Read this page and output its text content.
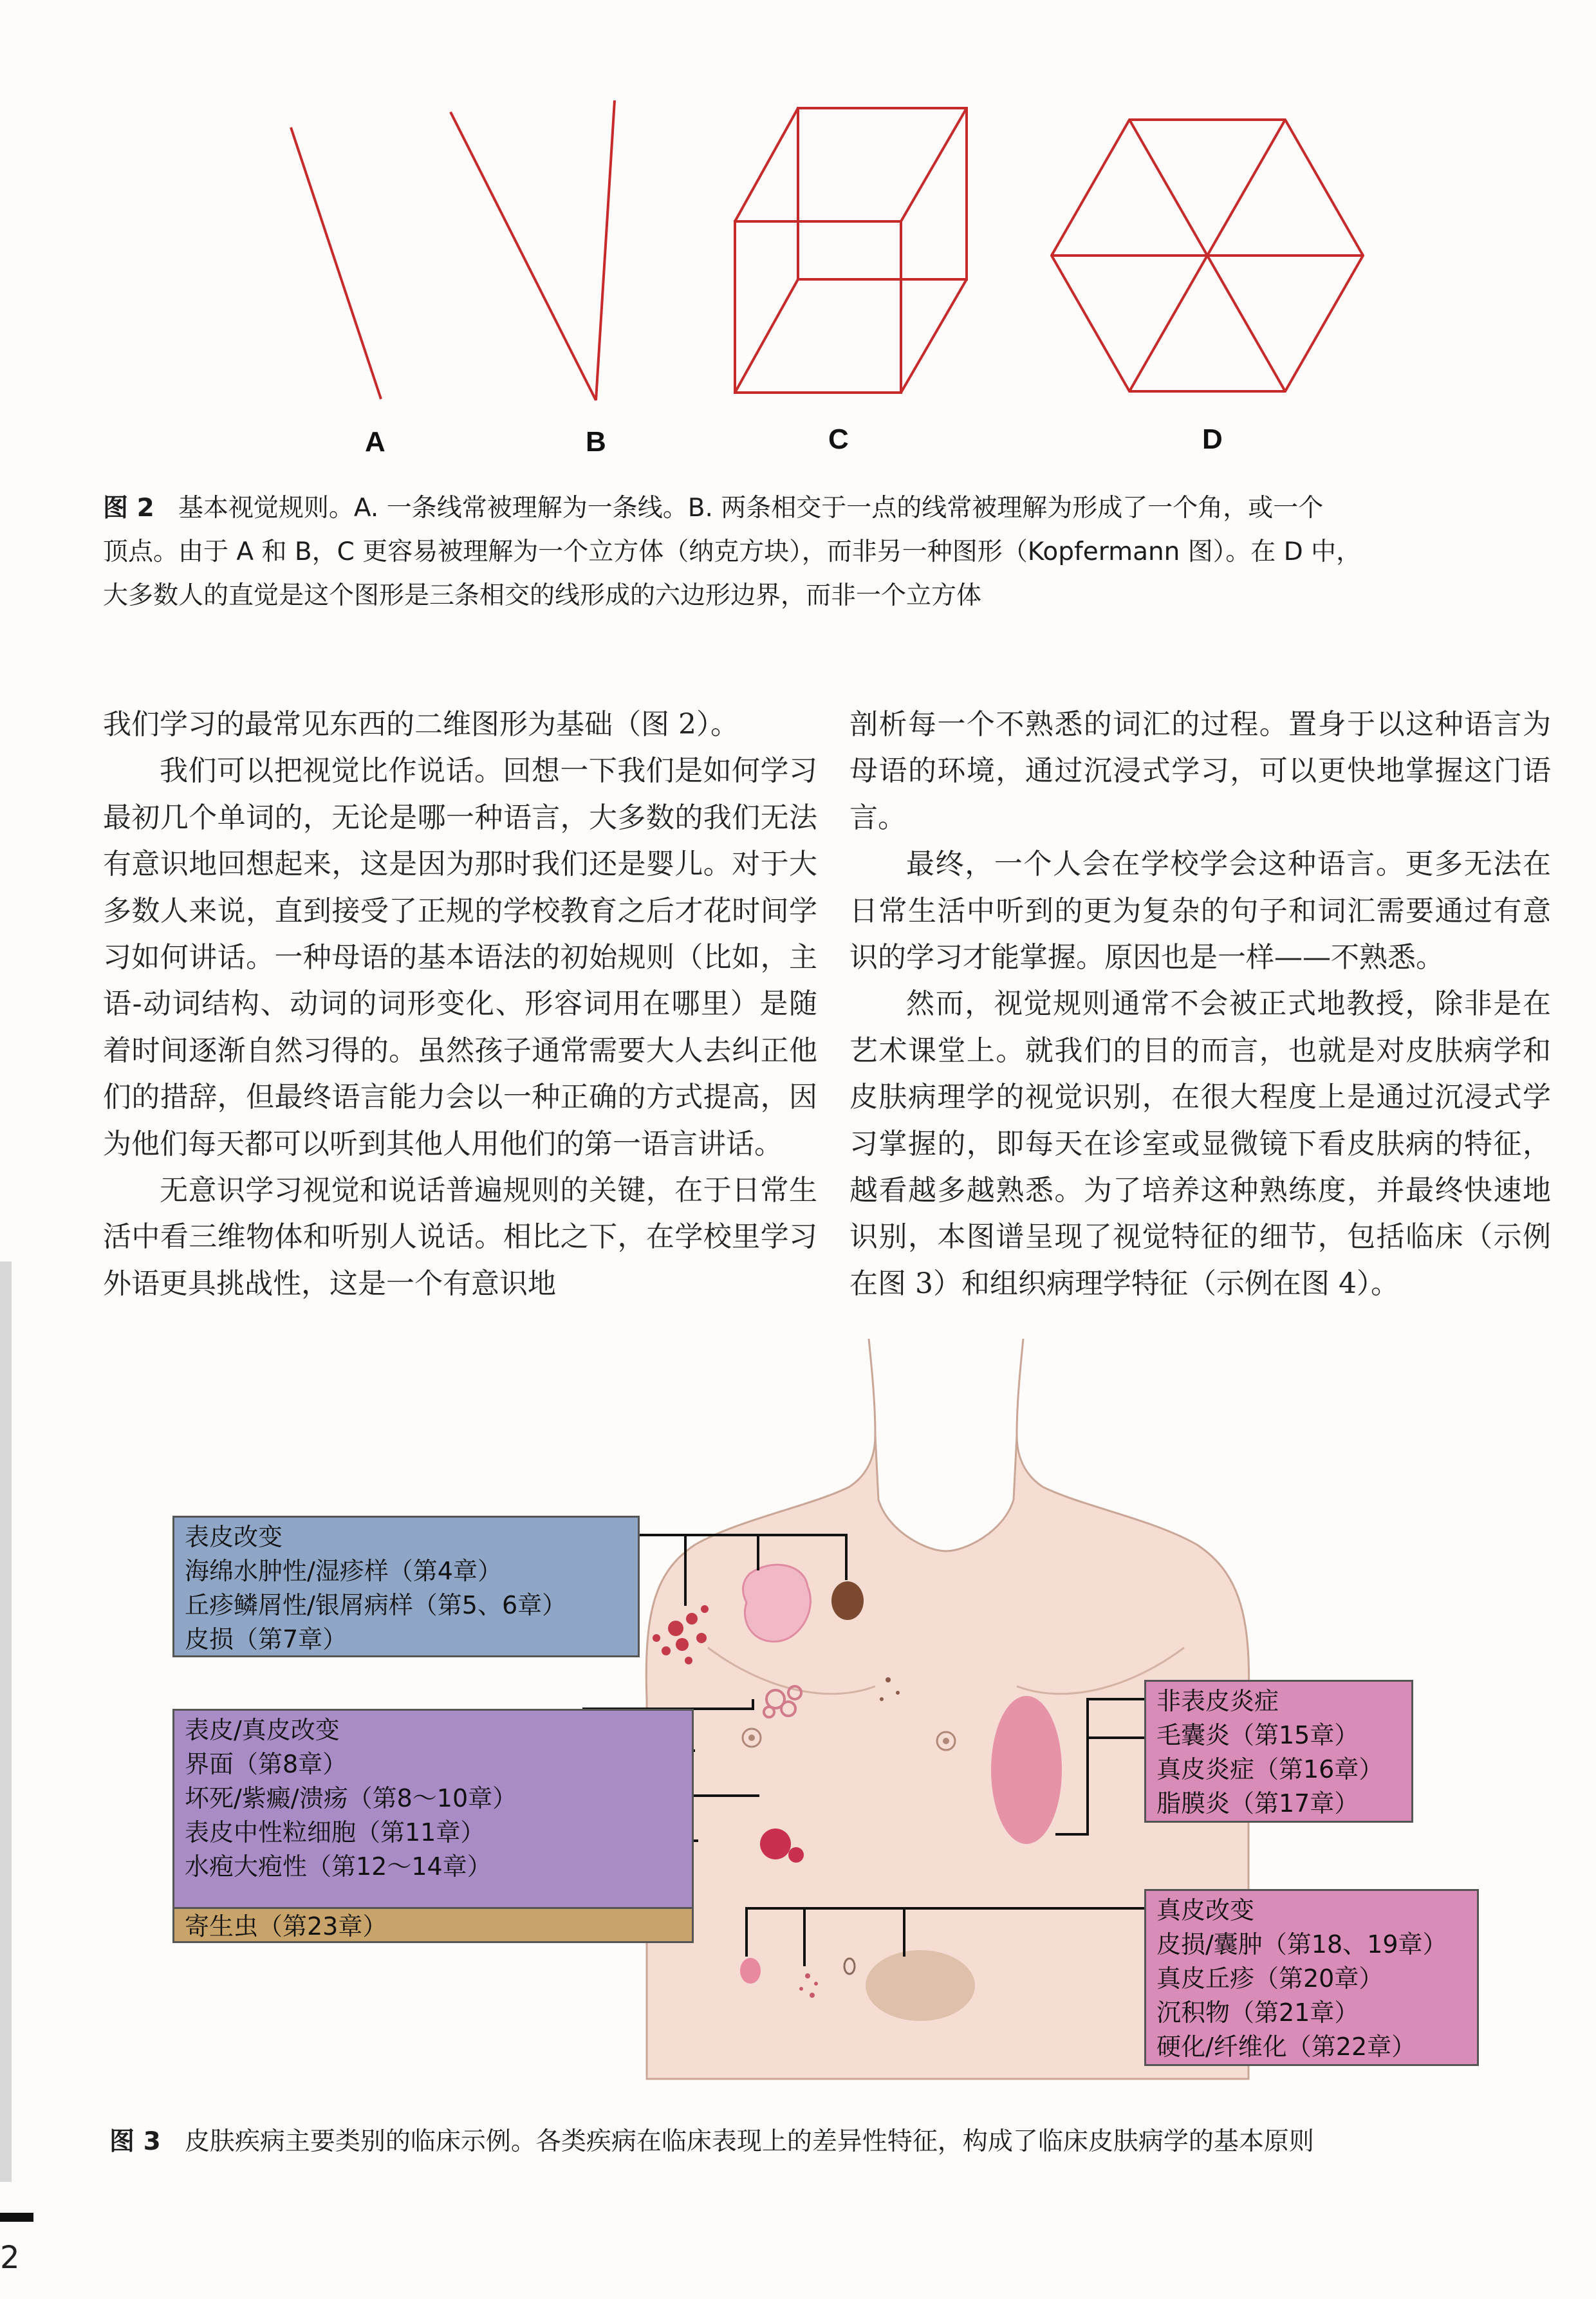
A	B	C	D
图 2 基本视觉规则。A. 一条线常被理解为一条线。B. 两条相交于一点的线常被理解为形成了一个角，或一个
顶点。由于 A 和 B，C 更容易被理解为一个立方体（纳克方块），而非另一种图形（Kopfermann 图）。在 D 中，
大多数人的直觉是这个图形是三条相交的线形成的六边形边界，而非一个立方体

我们学习的最常见东西的二维图形为基础（图 2）。

我们可以把视觉比作说话。回想一下我们是如何学习最初几个单词的，无论是哪一种语言，大多数的我们无法有意识地回想起来，这是因为那时我们还是婴儿。对于大多数人来说，直到接受了正规的学校教育之后才花时间学习如何讲话。一种母语的基本语法的初始规则（比如，主语-动词结构、动词的词形变化、形容词用在哪里）是随着时间逐渐自然习得的。虽然孩子通常需要大人去纠正他们的措辞，但最终语言能力会以一种正确的方式提高，因为他们每天都可以听到其他人用他们的第一语言讲话。

无意识学习视觉和说话普遍规则的关键，在于日常生活中看三维物体和听别人说话。相比之下，在学校里学习外语更具挑战性，这是一个有意识地

剖析每一个不熟悉的词汇的过程。置身于以这种语言为母语的环境，通过沉浸式学习，可以更快地掌握这门语言。

最终，一个人会在学校学会这种语言。更多无法在日常生活中听到的更为复杂的句子和词汇需要通过有意识的学习才能掌握。原因也是一样——不熟悉。

然而，视觉规则通常不会被正式地教授，除非是在艺术课堂上。就我们的目的而言，也就是对皮肤病学和皮肤病理学的视觉识别，在很大程度上是通过沉浸式学习掌握的，即每天在诊室或显微镜下看皮肤病的特征，越看越多越熟悉。为了培养这种熟练度，并最终快速地识别，本图谱呈现了视觉特征的细节，包括临床（示例在图 3）和组织病理学特征（示例在图 4）。

表皮改变
海绵水肿性/湿疹样（第4章）
丘疹鳞屑性/银屑病样（第5、6章）
皮损（第7章）
表皮/真皮改变
界面（第8章）
坏死/紫癜/溃疡（第8～10章）
表皮中性粒细胞（第11章）
水疱大疱性（第12～14章）
寄生虫（第23章）
非表皮炎症
毛囊炎（第15章）
真皮炎症（第16章）
脂膜炎（第17章）
真皮改变
皮损/囊肿（第18、19章）
真皮丘疹（第20章）
沉积物（第21章）
硬化/纤维化（第22章）
图 3 皮肤疾病主要类别的临床示例。各类疾病在临床表现上的差异性特征，构成了临床皮肤病学的基本原则
2
